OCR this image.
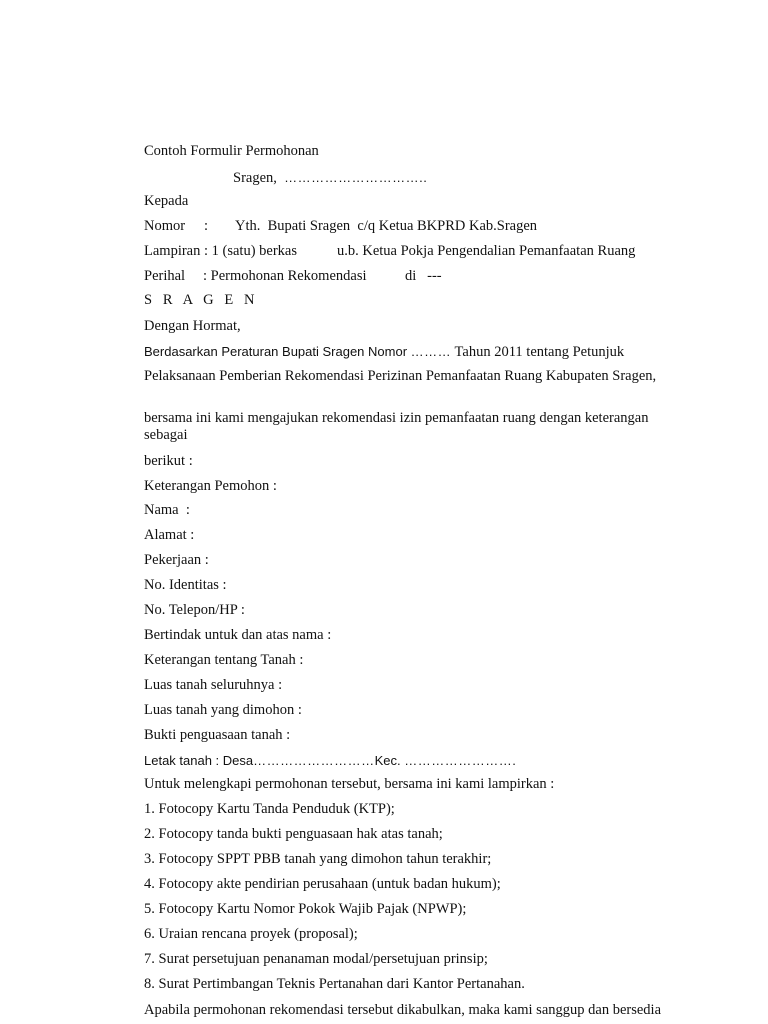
Contoh Formulir Permohonan
Sragen, …………………………..
Kepada
Nomor : Yth.  Bupati Sragen  c/q Ketua BKPRD Kab.Sragen
Lampiran : 1 (satu) berkas	u.b. Ketua Pokja Pengendalian Pemanfaatan Ruang
Perihal : Permohonan Rekomendasi	di   ---
S R A G E N
Dengan Hormat,
Berdasarkan Peraturan Bupati Sragen Nomor ……… Tahun 2011 tentang Petunjuk
Pelaksanaan Pemberian Rekomendasi Perizinan Pemanfaatan Ruang Kabupaten Sragen,
bersama ini kami mengajukan rekomendasi izin pemanfaatan ruang dengan keterangan sebagai
berikut :
Keterangan Pemohon :
Nama  :
Alamat :
Pekerjaan :
No. Identitas :
No. Telepon/HP :
Bertindak untuk dan atas nama :
Keterangan tentang Tanah :
Luas tanah seluruhnya :
Luas tanah yang dimohon :
Bukti penguasaan tanah :
Letak tanah : Desa………………………Kec. …………………….
Untuk melengkapi permohonan tersebut, bersama ini kami lampirkan :
1. Fotocopy Kartu Tanda Penduduk (KTP);
2. Fotocopy tanda bukti penguasaan hak atas tanah;
3. Fotocopy SPPT PBB tanah yang dimohon tahun terakhir;
4. Fotocopy akte pendirian perusahaan (untuk badan hukum);
5. Fotocopy Kartu Nomor Pokok Wajib Pajak (NPWP);
6. Uraian rencana proyek (proposal);
7. Surat persetujuan penanaman modal/persetujuan prinsip;
8. Surat Pertimbangan Teknis Pertanahan dari Kantor Pertanahan.
Apabila permohonan rekomendasi tersebut dikabulkan, maka kami sanggup dan bersedia
